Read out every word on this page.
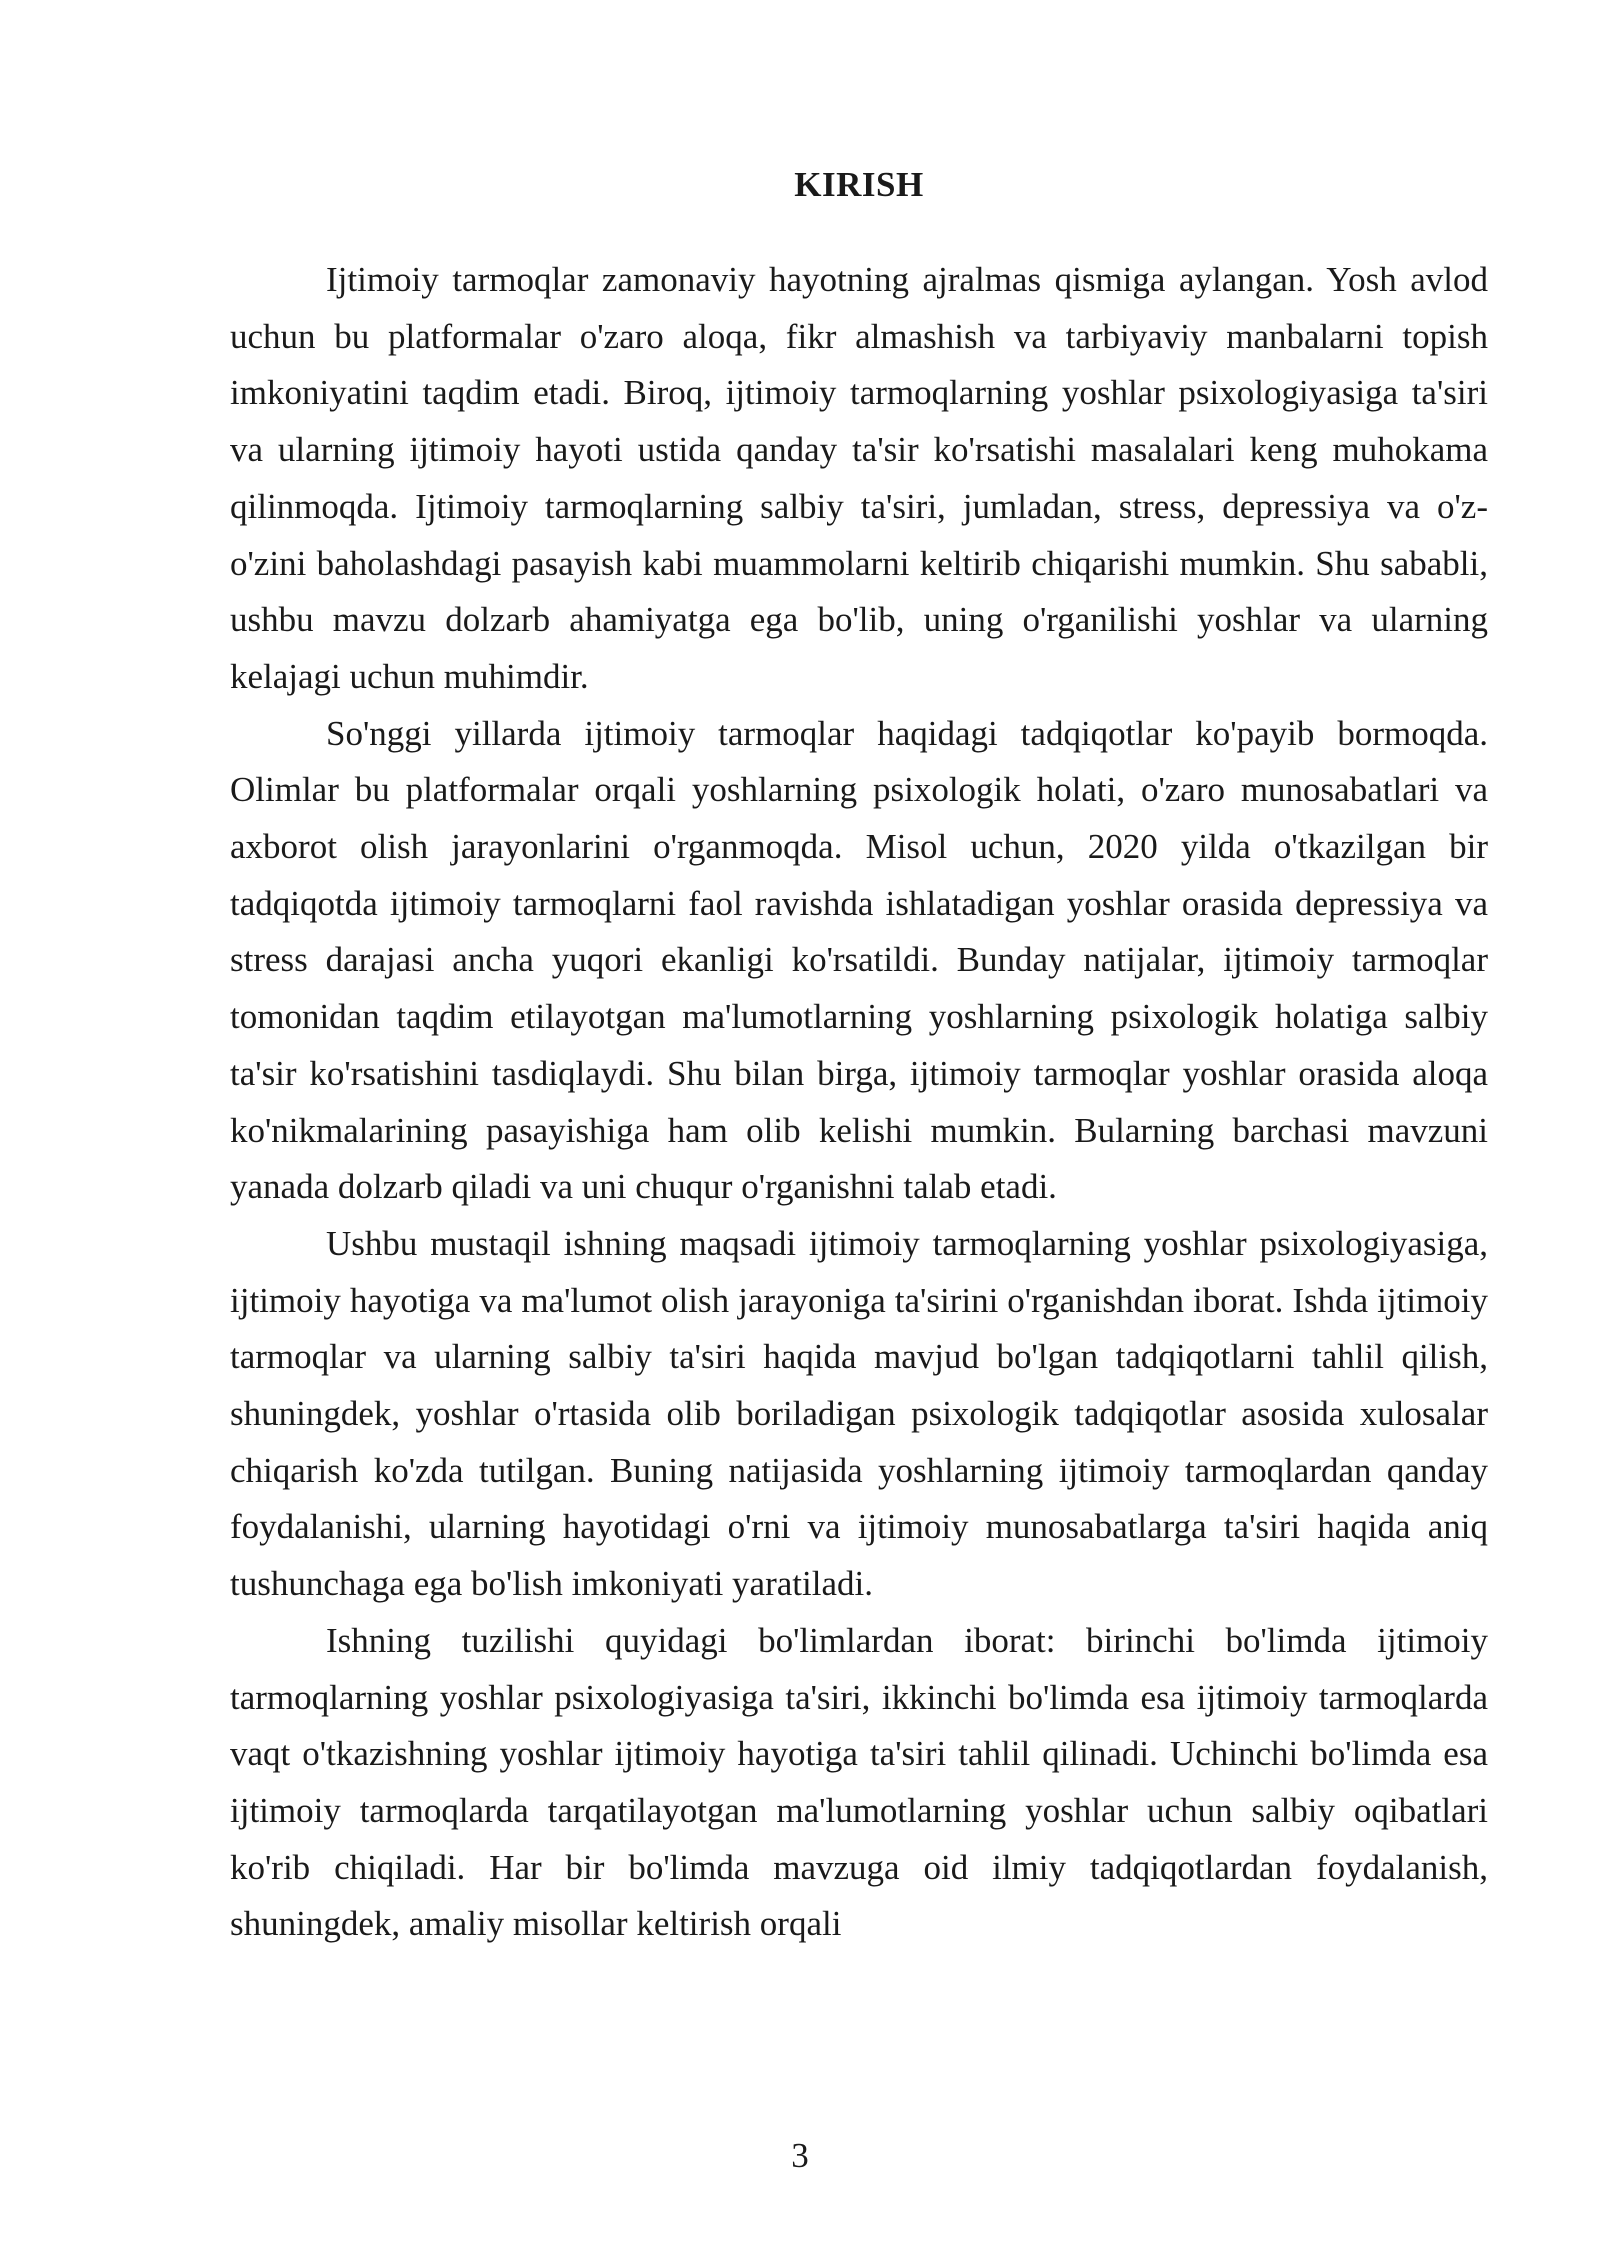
KIRISH

Ijtimoiy tarmoqlar zamonaviy hayotning ajralmas qismiga aylangan. Yosh avlod uchun bu platformalar o'zaro aloqa, fikr almashish va tarbiyaviy manbalarni topish imkoniyatini taqdim etadi. Biroq, ijtimoiy tarmoqlarning yoshlar psixologiyasiga ta'siri va ularning ijtimoiy hayoti ustida qanday ta'sir ko'rsatishi masalalari keng muhokama qilinmoqda. Ijtimoiy tarmoqlarning salbiy ta'siri, jumladan, stress, depressiya va o'z-o'zini baholashdagi pasayish kabi muammolarni keltirib chiqarishi mumkin. Shu sababli, ushbu mavzu dolzarb ahamiyatga ega bo'lib, uning o'rganilishi yoshlar va ularning kelajagi uchun muhimdir.

So'nggi yillarda ijtimoiy tarmoqlar haqidagi tadqiqotlar ko'payib bormoqda. Olimlar bu platformalar orqali yoshlarning psixologik holati, o'zaro munosabatlari va axborot olish jarayonlarini o'rganmoqda. Misol uchun, 2020 yilda o'tkazilgan bir tadqiqotda ijtimoiy tarmoqlarni faol ravishda ishlatadigan yoshlar orasida depressiya va stress darajasi ancha yuqori ekanligi ko'rsatildi. Bunday natijalar, ijtimoiy tarmoqlar tomonidan taqdim etilayotgan ma'lumotlarning yoshlarning psixologik holatiga salbiy ta'sir ko'rsatishini tasdiqlaydi. Shu bilan birga, ijtimoiy tarmoqlar yoshlar orasida aloqa ko'nikmalarining pasayishiga ham olib kelishi mumkin. Bularning barchasi mavzuni yanada dolzarb qiladi va uni chuqur o'rganishni talab etadi.

Ushbu mustaqil ishning maqsadi ijtimoiy tarmoqlarning yoshlar psixologiyasiga, ijtimoiy hayotiga va ma'lumot olish jarayoniga ta'sirini o'rganishdan iborat. Ishda ijtimoiy tarmoqlar va ularning salbiy ta'siri haqida mavjud bo'lgan tadqiqotlarni tahlil qilish, shuningdek, yoshlar o'rtasida olib boriladigan psixologik tadqiqotlar asosida xulosalar chiqarish ko'zda tutilgan. Buning natijasida yoshlarning ijtimoiy tarmoqlardan qanday foydalanishi, ularning hayotidagi o'rni va ijtimoiy munosabatlarga ta'siri haqida aniq tushunchaga ega bo'lish imkoniyati yaratiladi.

Ishning tuzilishi quyidagi bo'limlardan iborat: birinchi bo'limda ijtimoiy tarmoqlarning yoshlar psixologiyasiga ta'siri, ikkinchi bo'limda esa ijtimoiy tarmoqlarda vaqt o'tkazishning yoshlar ijtimoiy hayotiga ta'siri tahlil qilinadi. Uchinchi bo'limda esa ijtimoiy tarmoqlarda tarqatilayotgan ma'lumotlarning yoshlar uchun salbiy oqibatlari ko'rib chiqiladi. Har bir bo'limda mavzuga oid ilmiy tadqiqotlardan foydalanish, shuningdek, amaliy misollar keltirish orqali

3
